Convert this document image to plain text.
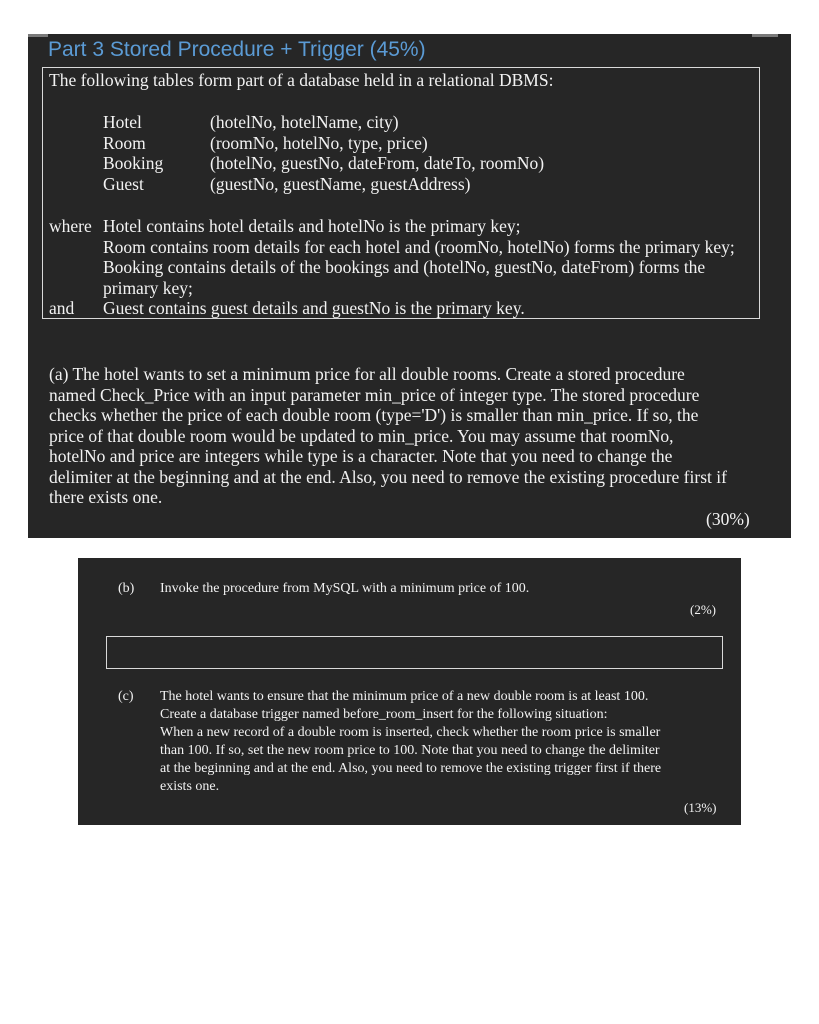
Part 3 Stored Procedure + Trigger (45%)
The following tables form part of a database held in a relational DBMS:
Hotel	(hotelNo, hotelName, city)
Room	(roomNo, hotelNo, type, price)
Booking	(hotelNo, guestNo, dateFrom, dateTo, roomNo)
Guest	(guestNo, guestName, guestAddress)
where Hotel contains hotel details and hotelNo is the primary key;
Room contains room details for each hotel and (roomNo, hotelNo) forms the primary key;
Booking contains details of the bookings and (hotelNo, guestNo, dateFrom) forms the
primary key;
and Guest contains guest details and guestNo is the primary key.
(a) The hotel wants to set a minimum price for all double rooms. Create a stored procedure
named Check_Price with an input parameter min_price of integer type. The stored procedure
checks whether the price of each double room (type='D') is smaller than min_price. If so, the
price of that double room would be updated to min_price. You may assume that roomNo,
hotelNo and price are integers while type is a character. Note that you need to change the
delimiter at the beginning and at the end. Also, you need to remove the existing procedure first if
there exists one.
(30%)
(b) Invoke the procedure from MySQL with a minimum price of 100.
(2%)
(c) The hotel wants to ensure that the minimum price of a new double room is at least 100.
Create a database trigger named before_room_insert for the following situation:
When a new record of a double room is inserted, check whether the room price is smaller
than 100. If so, set the new room price to 100. Note that you need to change the delimiter
at the beginning and at the end. Also, you need to remove the existing trigger first if there
exists one.
(13%)
